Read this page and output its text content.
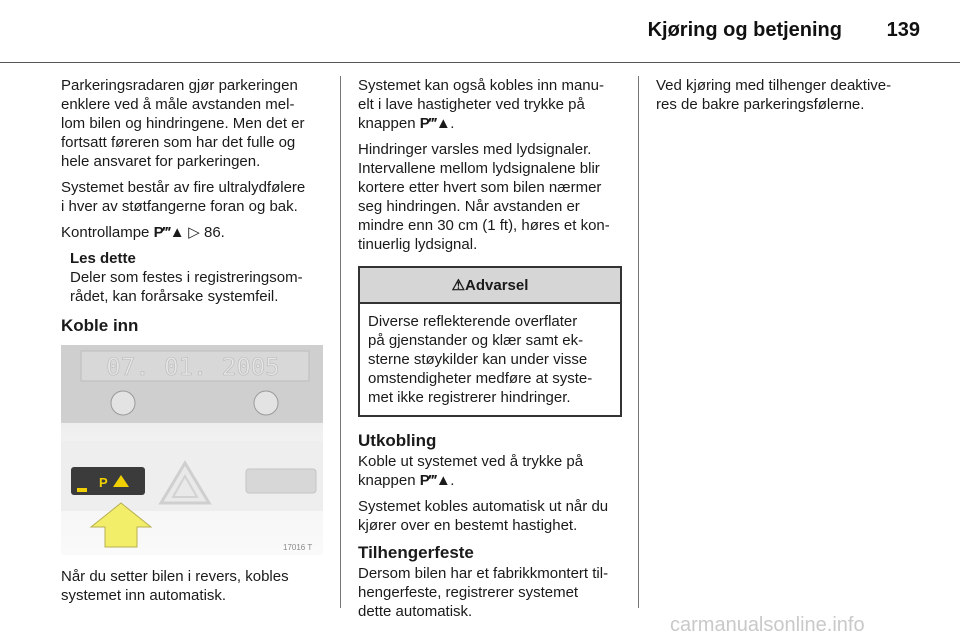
Kjøring og betjening 139

Parkeringsradaren gjør parkeringen
enklere ved å måle avstanden mel-
lom bilen og hindringene. Men det er
fortsatt føreren som har det fulle og
hele ansvaret for parkeringen.

Systemet består av fire ultralydfølere
i hver av støtfangerne foran og bak.

Kontrollampe P‴▲ ▷ 86.

Les dette
Deler som festes i registreringsom-
rådet, kan forårsake systemfeil.
Koble inn
07. 01. 2005
P
17016 T

Når du setter bilen i revers, kobles
systemet inn automatisk.

Systemet kan også kobles inn manu-
elt i lave hastigheter ved trykke på
knappen P‴▲.

Hindringer varsles med lydsignaler.
Intervallene mellom lydsignalene blir
kortere etter hvert som bilen nærmer
seg hindringen. Når avstanden er
mindre enn 30 cm (1 ft), høres et kon-
tinuerlig lydsignal.

⚠Advarsel

Diverse reflekterende overflater
på gjenstander og klær samt ek-
sterne støykilder kan under visse
omstendigheter medføre at syste-
met ikke registrerer hindringer.

Utkobling

Koble ut systemet ved å trykke på
knappen P‴▲.

Systemet kobles automatisk ut når du
kjører over en bestemt hastighet.

Tilhengerfeste

Dersom bilen har et fabrikkmontert til-
hengerfeste, registrerer systemet
dette automatisk.

Ved kjøring med tilhenger deaktive-
res de bakre parkeringsfølerne.

carmanualsonline.info
